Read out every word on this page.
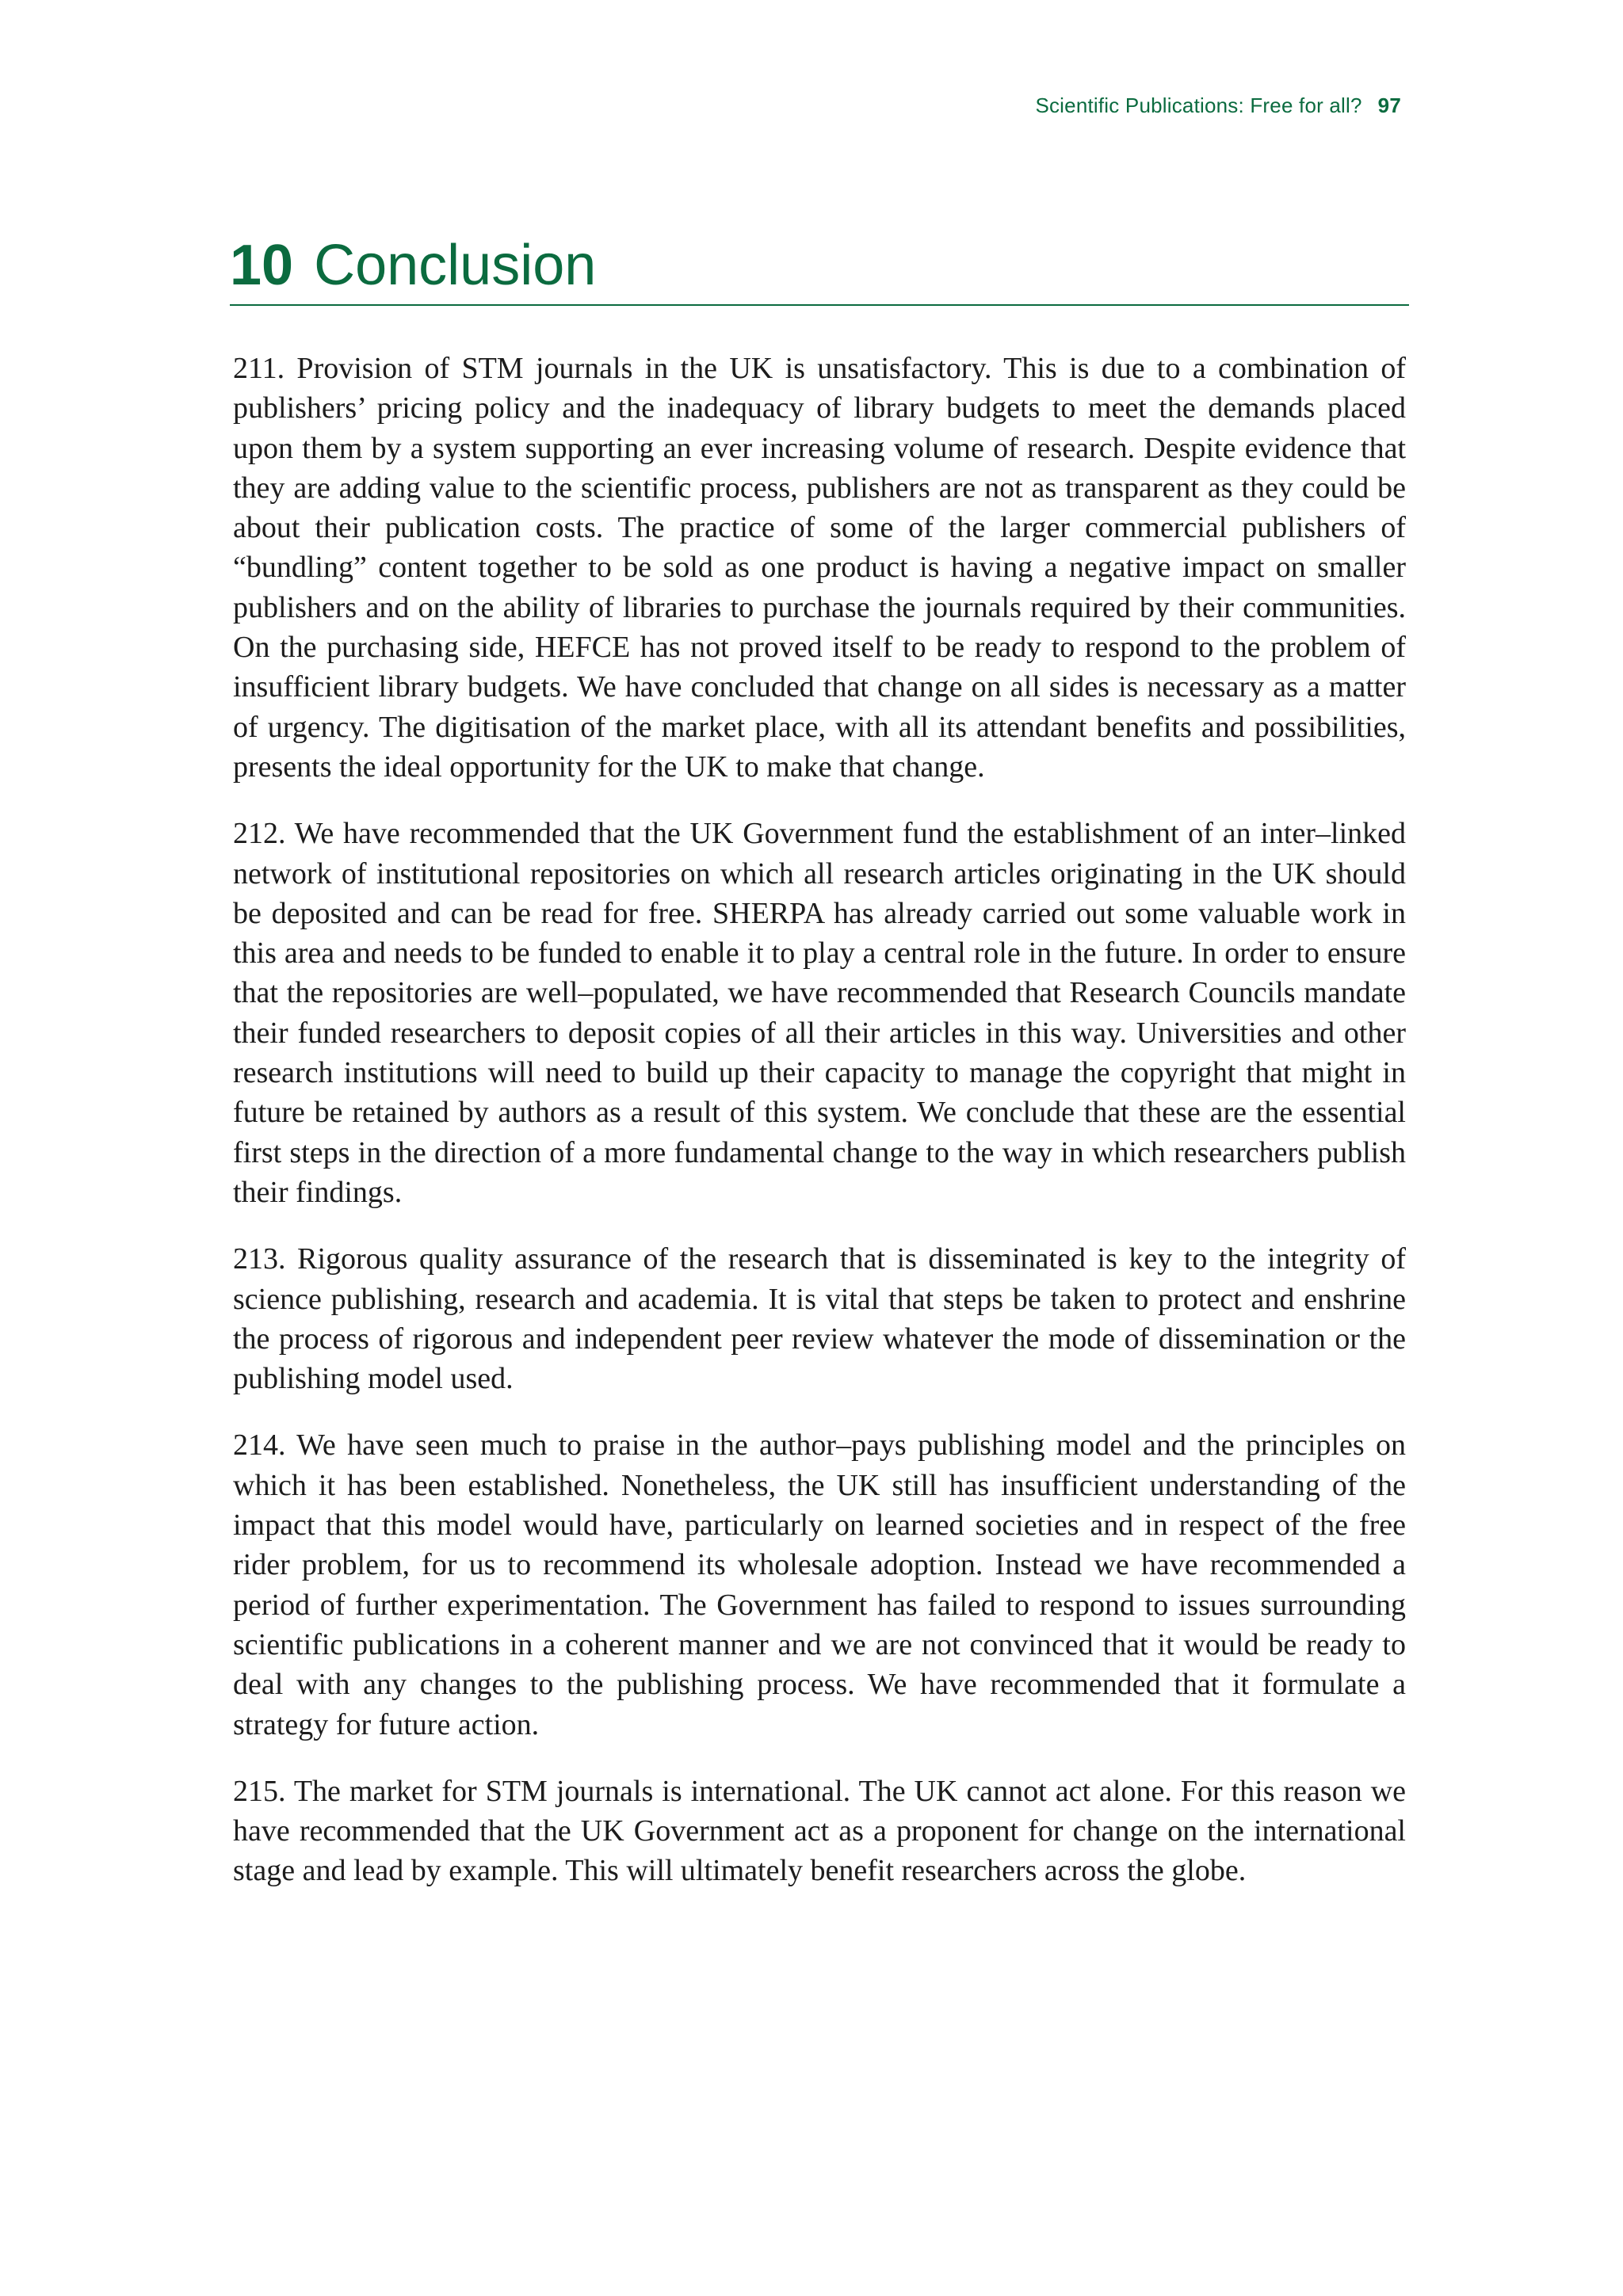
Scientific Publications: Free for all? 97
10 Conclusion

211. Provision of STM journals in the UK is unsatisfactory. This is due to a combination of publishers’ pricing policy and the inadequacy of library budgets to meet the demands placed upon them by a system supporting an ever increasing volume of research. Despite evidence that they are adding value to the scientific process, publishers are not as transparent as they could be about their publication costs. The practice of some of the larger commercial publishers of “bundling” content together to be sold as one product is having a negative impact on smaller publishers and on the ability of libraries to purchase the journals required by their communities. On the purchasing side, HEFCE has not proved itself to be ready to respond to the problem of insufficient library budgets. We have concluded that change on all sides is necessary as a matter of urgency. The digitisation of the market place, with all its attendant benefits and possibilities, presents the ideal opportunity for the UK to make that change.

212. We have recommended that the UK Government fund the establishment of an inter–linked network of institutional repositories on which all research articles originating in the UK should be deposited and can be read for free. SHERPA has already carried out some valuable work in this area and needs to be funded to enable it to play a central role in the future. In order to ensure that the repositories are well–populated, we have recommended that Research Councils mandate their funded researchers to deposit copies of all their articles in this way. Universities and other research institutions will need to build up their capacity to manage the copyright that might in future be retained by authors as a result of this system. We conclude that these are the essential first steps in the direction of a more fundamental change to the way in which researchers publish their findings.

213. Rigorous quality assurance of the research that is disseminated is key to the integrity of science publishing, research and academia. It is vital that steps be taken to protect and enshrine the process of rigorous and independent peer review whatever the mode of dissemination or the publishing model used.

214. We have seen much to praise in the author–pays publishing model and the principles on which it has been established. Nonetheless, the UK still has insufficient understanding of the impact that this model would have, particularly on learned societies and in respect of the free rider problem, for us to recommend its wholesale adoption. Instead we have recommended a period of further experimentation. The Government has failed to respond to issues surrounding scientific publications in a coherent manner and we are not convinced that it would be ready to deal with any changes to the publishing process. We have recommended that it formulate a strategy for future action.

215. The market for STM journals is international. The UK cannot act alone. For this reason we have recommended that the UK Government act as a proponent for change on the international stage and lead by example. This will ultimately benefit researchers across the globe.
